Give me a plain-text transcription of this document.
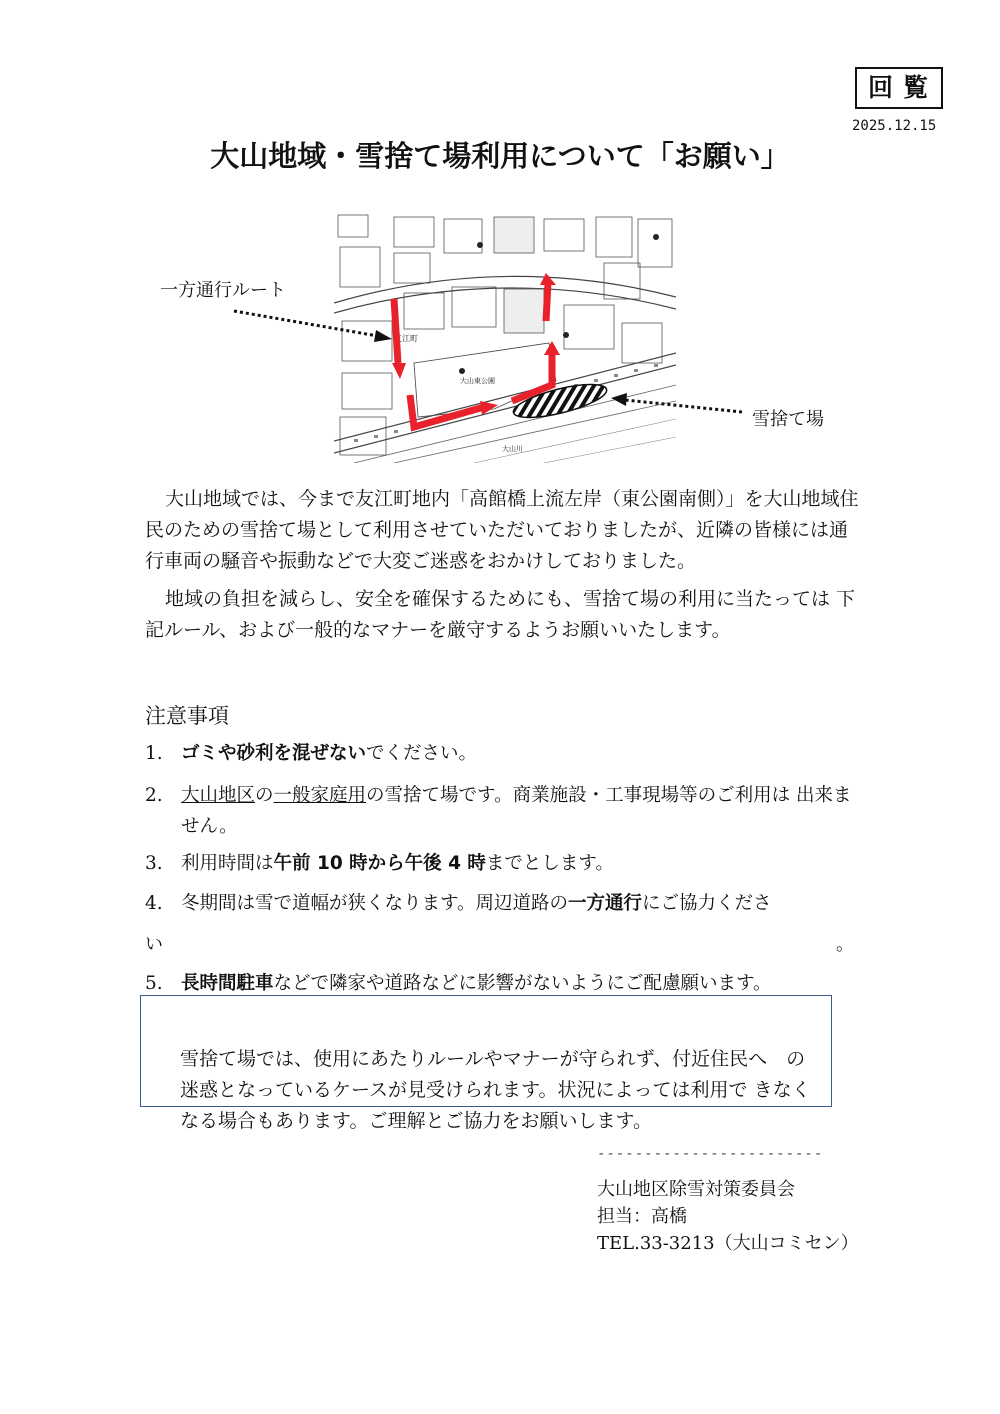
回覧
2025.12.15
大山地域・雪捨て場利用について「お願い」
友江町
大山東公園
大山川
一方通行ルート
雪捨て場
大山地域では、今まで友江町地内「高館橋上流左岸（東公園南側）」を大山地域住民のための雪捨て場として利用させていただいておりましたが、近隣の皆様には通行車両の騒音や振動などで大変ご迷惑をおかけしておりました。
地域の負担を減らし、安全を確保するためにも、雪捨て場の利用に当たっては 下記ルール、および一般的なマナーを厳守するようお願いいたします。
注意事項
1. ゴミや砂利を混ぜないでください。
2. 大山地区の一般家庭用の雪捨て場です。商業施設・工事現場等のご利用は 出来ません。
3. 利用時間は午前 10 時から午後 4 時までとします。
4. 冬期間は雪で道幅が狭くなります。周辺道路の一方通行にご協力くださ
い	。
5. 長時間駐車などで隣家や道路などに影響がないようにご配慮願います。
雪捨て場では、使用にあたりルールやマナーが守られず、付近住民へ　の迷惑となっているケースが見受けられます。状況によっては利用で きなくなる場合もあります。ご理解とご協力をお願いします。
------------------------
大山地区除雪対策委員会
担当：高橋
TEL.33-3213（大山コミセン）
